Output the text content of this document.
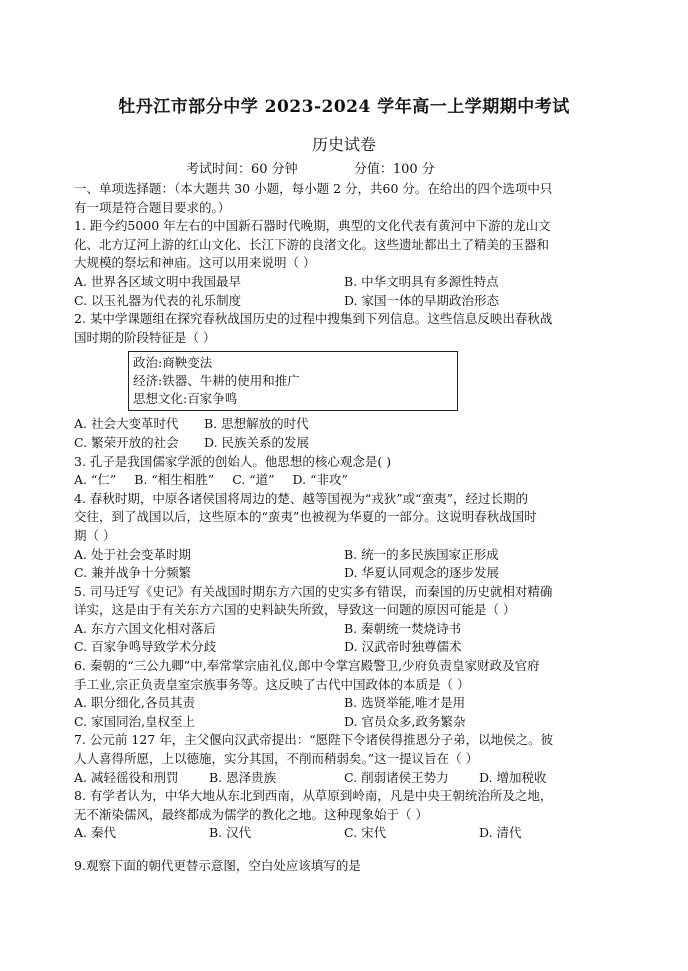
牡丹江市部分中学 2023-2024 学年高一上学期期中考试
历史试卷
考试时间：60 分钟	分值：100 分
一、单项选择题：（本大题共 30 小题，每小题 2 分，共60 分。在给出的四个选项中只
有一项是符合题目要求的。）
1. 距今约5000 年左右的中国新石器时代晚期，典型的文化代表有黄河中下游的龙山文
化、北方辽河上游的红山文化、长江下游的良渚文化。这些遗址都出土了精美的玉器和
大规模的祭坛和神庙。这可以用来说明（ ）
A. 世界各区域文明中我国最早	B. 中华文明具有多源性特点
C. 以玉礼器为代表的礼乐制度	D. 家国一体的早期政治形态
2. 某中学课题组在探究春秋战国历史的过程中搜集到下列信息。这些信息反映出春秋战
国时期的阶段特征是（ ）
政治:商鞅变法
经济:铁器、牛耕的使用和推广
思想文化:百家争鸣
A. 社会大变革时代	B. 思想解放的时代
C. 繁荣开放的社会	D. 民族关系的发展
3. 孔子是我国儒家学派的创始人。他思想的核心观念是( )
A. “仁” B. “相生相胜” C. “道” D. “非攻”
4. 春秋时期，中原各诸侯国将周边的楚、越等国视为“戎狄”或“蛮夷”，经过长期的
交往，到了战国以后，这些原本的“蛮夷”也被视为华夏的一部分。这说明春秋战国时
期（ ）
A. 处于社会变革时期	B. 统一的多民族国家正形成
C. 兼并战争十分频繁	D. 华夏认同观念的逐步发展
5. 司马迁写《史记》有关战国时期东方六国的史实多有错误，而秦国的历史就相对精确
详实，这是由于有关东方六国的史料缺失所致，导致这一问题的原因可能是（ ）
A. 东方六国文化相对落后	B. 秦朝统一焚烧诗书
C. 百家争鸣导致学术分歧	D. 汉武帝时独尊儒术
6. 秦朝的“三公九卿”中,奉常掌宗庙礼仪,郎中令掌宫殿警卫,少府负责皇家财政及官府
手工业,宗正负责皇室宗族事务等。这反映了古代中国政体的本质是（ ）
A. 职分细化,各员其责	B. 选贤举能,唯才是用
C. 家国同治,皇权至上	D. 官员众多,政务繁杂
7. 公元前 127 年，主父偃向汉武帝提出：“愿陛下令诸侯得推恩分子弟，以地侯之。彼
人人喜得所愿，上以德施，实分其国，不削而稍弱矣。”这一提议旨在（ ）
A. 减轻徭役和刑罚	B. 恩泽贵族	C. 削弱诸侯王势力	D. 增加税收
8. 有学者认为，中华大地从东北到西南，从草原到岭南，凡是中央王朝统治所及之地，
无不渐染儒风，最终都成为儒学的教化之地。这种现象始于（ ）
A. 秦代	B. 汉代	C. 宋代	D. 清代
9.观察下面的朝代更替示意图，空白处应该填写的是
